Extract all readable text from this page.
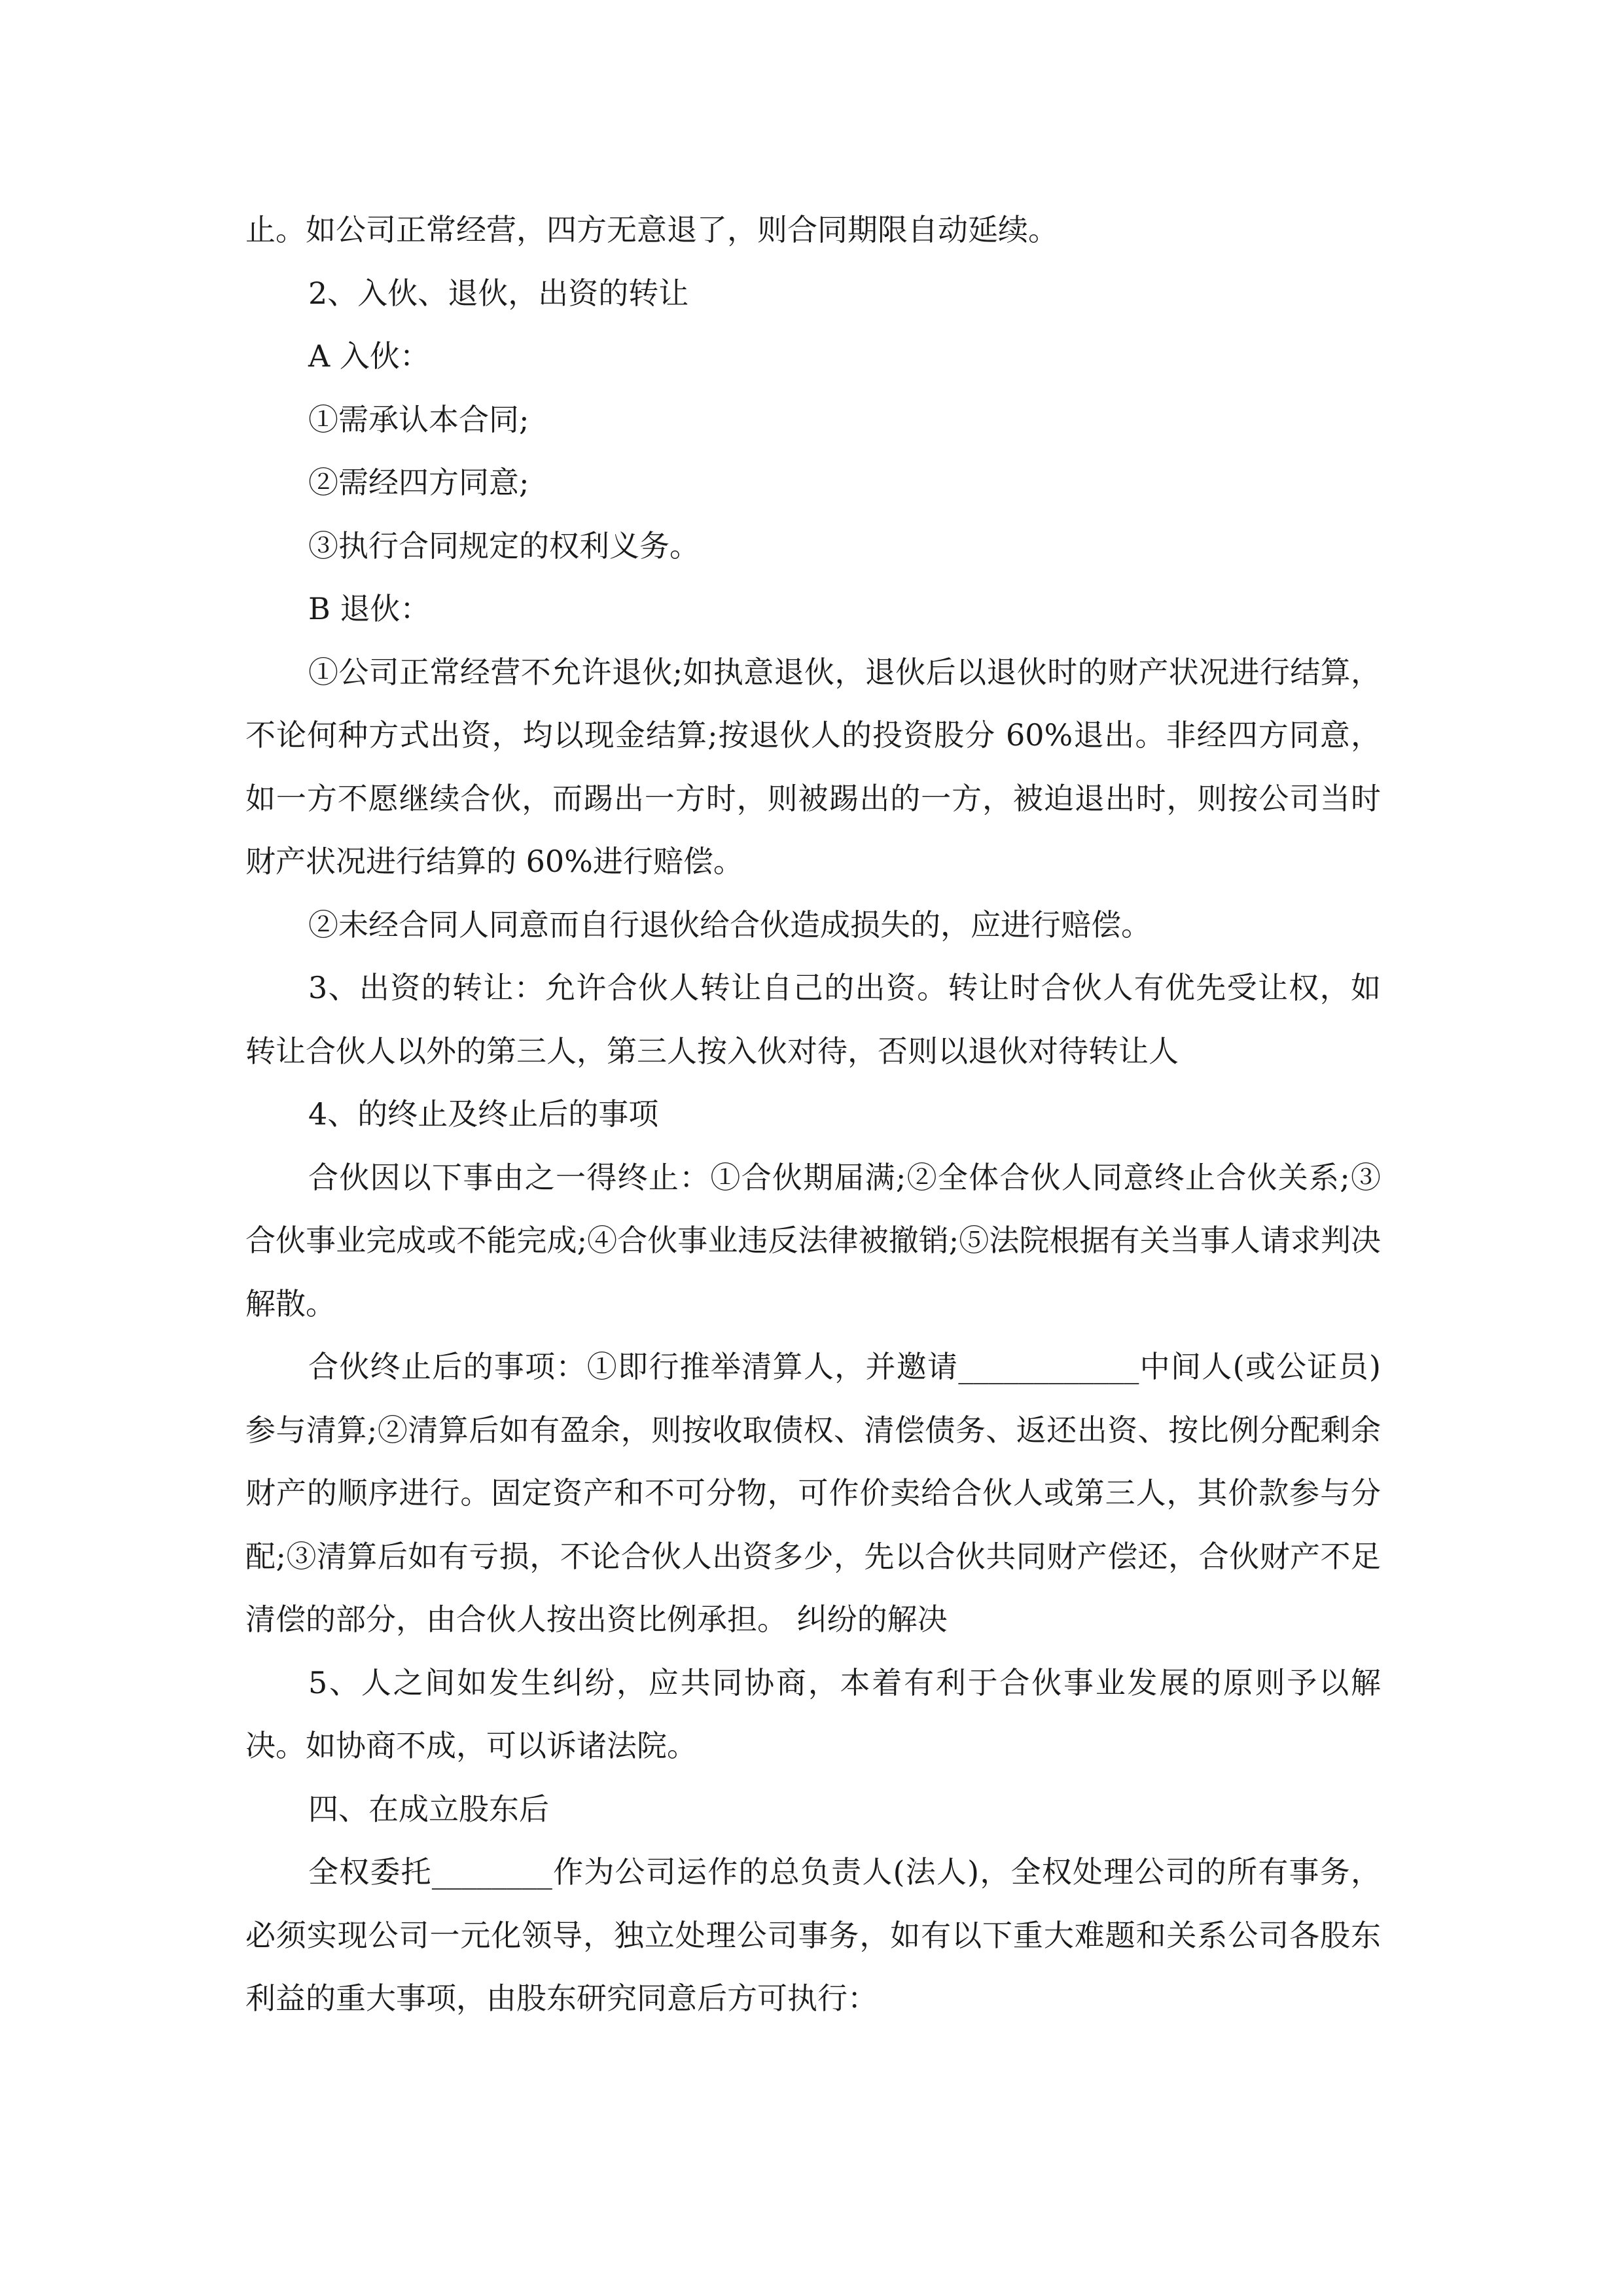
止。如公司正常经营，四方无意退了，则合同期限自动延续。

2、入伙、退伙，出资的转让

A 入伙：

①需承认本合同;

②需经四方同意;

③执行合同规定的权利义务。

B 退伙：

①公司正常经营不允许退伙;如执意退伙，退伙后以退伙时的财产状况进行结算，不论何种方式出资，均以现金结算;按退伙人的投资股分 60%退出。非经四方同意，如一方不愿继续合伙，而踢出一方时，则被踢出的一方，被迫退出时，则按公司当时财产状况进行结算的 60%进行赔偿。

②未经合同人同意而自行退伙给合伙造成损失的，应进行赔偿。

3、出资的转让：允许合伙人转让自己的出资。转让时合伙人有优先受让权，如转让合伙人以外的第三人，第三人按入伙对待，否则以退伙对待转让人

4、的终止及终止后的事项

合伙因以下事由之一得终止：①合伙期届满;②全体合伙人同意终止合伙关系;③合伙事业完成或不能完成;④合伙事业违反法律被撤销;⑤法院根据有关当事人请求判决解散。

合伙终止后的事项：①即行推举清算人，并邀请____________中间人(或公证员)参与清算;②清算后如有盈余，则按收取债权、清偿债务、返还出资、按比例分配剩余财产的顺序进行。固定资产和不可分物，可作价卖给合伙人或第三人，其价款参与分配;③清算后如有亏损，不论合伙人出资多少，先以合伙共同财产偿还，合伙财产不足清偿的部分，由合伙人按出资比例承担。 纠纷的解决

5、人之间如发生纠纷，应共同协商，本着有利于合伙事业发展的原则予以解决。如协商不成，可以诉诸法院。

四、在成立股东后

全权委托________作为公司运作的总负责人(法人)，全权处理公司的所有事务，必须实现公司一元化领导，独立处理公司事务，如有以下重大难题和关系公司各股东利益的重大事项，由股东研究同意后方可执行：
